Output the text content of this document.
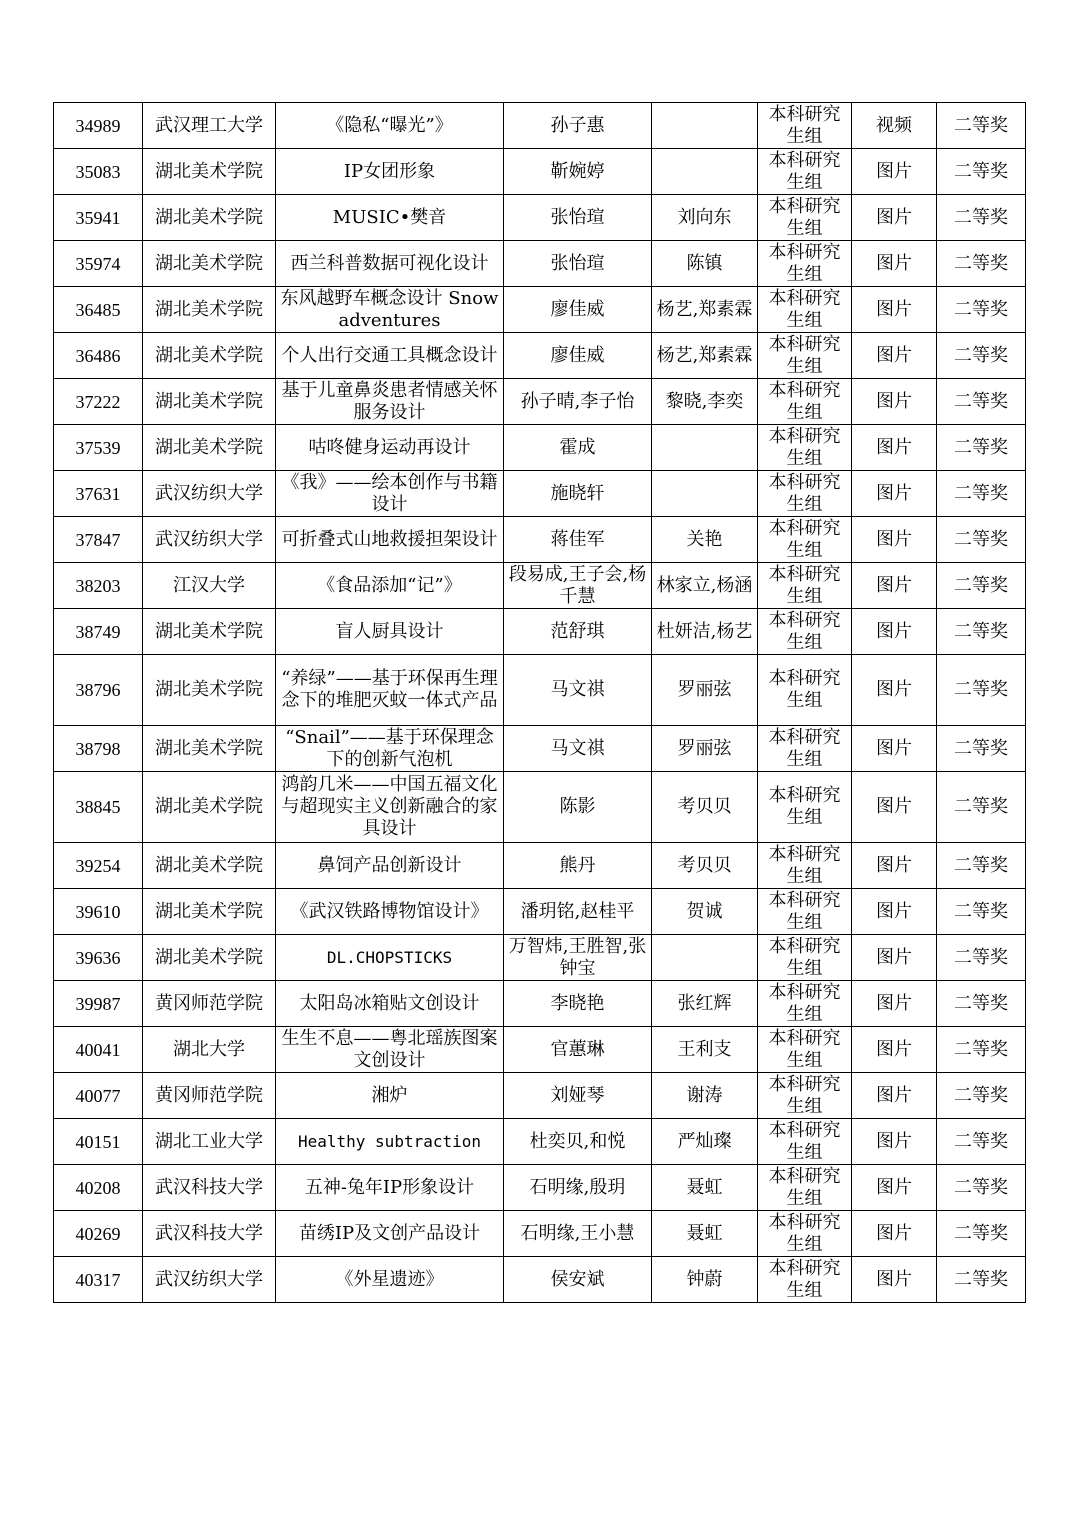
34989	武汉理工大学	《隐私“曝光”》	孙子惠		本科研究生组	视频	二等奖
35083	湖北美术学院	IP女团形象	靳婉婷		本科研究生组	图片	二等奖
35941	湖北美术学院	MUSIC•樊音	张怡瑄	刘向东	本科研究生组	图片	二等奖
35974	湖北美术学院	西兰科普数据可视化设计	张怡瑄	陈镇	本科研究生组	图片	二等奖
36485	湖北美术学院	东风越野车概念设计 Snow adventures	廖佳威	杨艺,郑素霖	本科研究生组	图片	二等奖
36486	湖北美术学院	个人出行交通工具概念设计	廖佳威	杨艺,郑素霖	本科研究生组	图片	二等奖
37222	湖北美术学院	基于儿童鼻炎患者情感关怀服务设计	孙子晴,李子怡	黎晓,李奕	本科研究生组	图片	二等奖
37539	湖北美术学院	咕咚健身运动再设计	霍成		本科研究生组	图片	二等奖
37631	武汉纺织大学	《我》——绘本创作与书籍设计	施晓轩		本科研究生组	图片	二等奖
37847	武汉纺织大学	可折叠式山地救援担架设计	蒋佳军	关艳	本科研究生组	图片	二等奖
38203	江汉大学	《食品添加“记”》	段易成,王子会,杨千慧	林家立,杨涵	本科研究生组	图片	二等奖
38749	湖北美术学院	盲人厨具设计	范舒琪	杜妍洁,杨艺	本科研究生组	图片	二等奖
38796	湖北美术学院	“养绿”——基于环保再生理念下的堆肥灭蚊一体式产品	马文祺	罗丽弦	本科研究生组	图片	二等奖
38798	湖北美术学院	“Snail”——基于环保理念下的创新气泡机	马文祺	罗丽弦	本科研究生组	图片	二等奖
38845	湖北美术学院	鸿韵几米——中国五福文化与超现实主义创新融合的家具设计	陈影	考贝贝	本科研究生组	图片	二等奖
39254	湖北美术学院	鼻饲产品创新设计	熊丹	考贝贝	本科研究生组	图片	二等奖
39610	湖北美术学院	《武汉铁路博物馆设计》	潘玥铭,赵桂平	贺诚	本科研究生组	图片	二等奖
39636	湖北美术学院	DL.CHOPSTICKS	万智炜,王胜智,张钟宝		本科研究生组	图片	二等奖
39987	黄冈师范学院	太阳岛冰箱贴文创设计	李晓艳	张红辉	本科研究生组	图片	二等奖
40041	湖北大学	生生不息——粤北瑶族图案文创设计	官蕙琳	王利支	本科研究生组	图片	二等奖
40077	黄冈师范学院	湘炉	刘娅琴	谢涛	本科研究生组	图片	二等奖
40151	湖北工业大学	Healthy subtraction	杜奕贝,和悦	严灿璨	本科研究生组	图片	二等奖
40208	武汉科技大学	五神-兔年IP形象设计	石明缘,殷玥	聂虹	本科研究生组	图片	二等奖
40269	武汉科技大学	苗绣IP及文创产品设计	石明缘,王小慧	聂虹	本科研究生组	图片	二等奖
40317	武汉纺织大学	《外星遗迹》	侯安斌	钟蔚	本科研究生组	图片	二等奖
